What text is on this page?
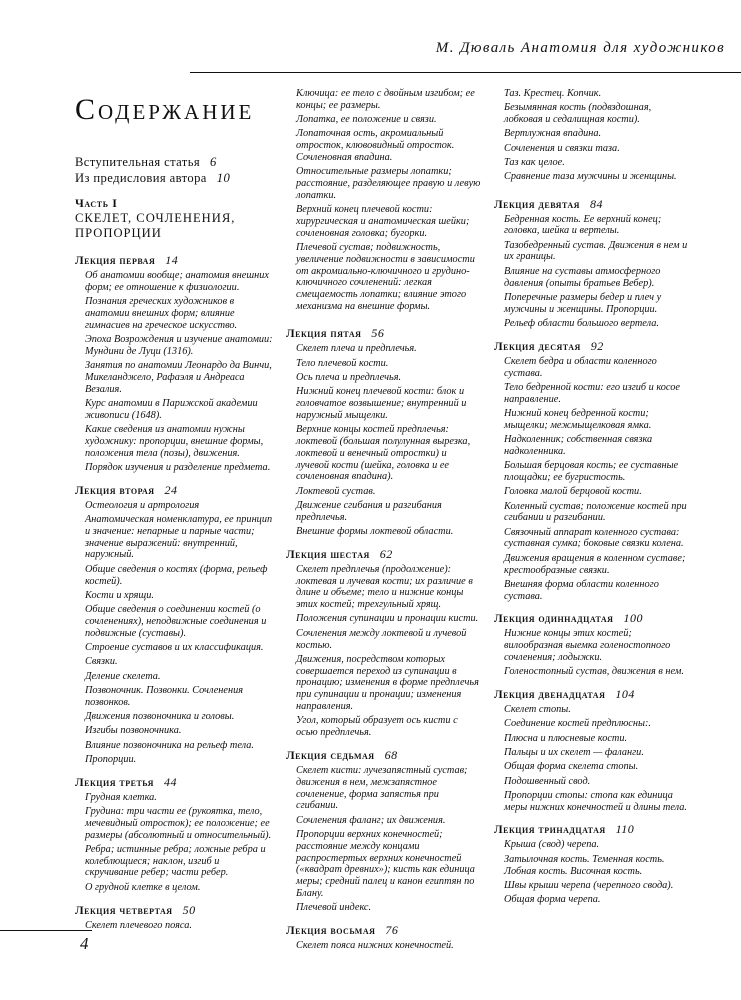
М. Дюваль Анатомия для художников
Содержание
Вступительная статья 6
Из предисловия автора 10
Часть I
СКЕЛЕТ, СОЧЛЕНЕНИЯ, ПРОПОРЦИИ
Лекция первая 14
Об анатомии вообще; анатомия внешних форм; ее отношение к физиологии.
Познания греческих художников в анатомии внешних форм; влияние гимнасиев на греческое искусство.
Эпоха Возрождения и изучение анатомии: Мундини де Луци (1316).
Занятия по анатомии Леонардо да Винчи, Микеланджело, Рафаэля и Андреаса Везалия.
Курс анатомии в Парижской академии живописи (1648).
Какие сведения из анатомии нужны художнику: пропорции, внешние формы, положения тела (позы), движения.
Порядок изучения и разделение предмета.
Лекция вторая 24
Остеология и артрология
Анатомическая номенклатура, ее принцип и значение: непарные и парные части; значение выражений: внутренний, наружный.
Общие сведения о костях (форма, рельеф костей).
Кости и хрящи.
Общие сведения о соединении костей (о сочленениях), неподвижные соединения и подвижные (суставы).
Строение суставов и их классификация.
Связки.
Деление скелета.
Позвоночник. Позвонки. Сочленения позвонков.
Движения позвоночника и головы.
Изгибы позвоночника.
Влияние позвоночника на рельеф тела.
Пропорции.
Лекция третья 44
Грудная клетка.
Грудина: три части ее (рукоятка, тело, мечевидный отросток); ее положение; ее размеры (абсолютный и относительный).
Ребра; истинные ребра; ложные ребра и колеблющиеся; наклон, изгиб и скручивание ребер; части ребер.
О грудной клетке в целом.
Лекция четвертая 50
Скелет плечевого пояса.
Ключица: ее тело с двойным изгибом; ее концы; ее размеры.
Лопатка, ее положение и связи.
Лопаточная ость, акромиальный отросток, клювовидный отросток. Сочленовная впадина.
Относительные размеры лопатки; расстояние, разделяющее правую и левую лопатки.
Верхний конец плечевой кости: хирургическая и анатомическая шейки; сочленовная головка; бугорки.
Плечевой сустав; подвижность, увеличение подвижности в зависимости от акромиально-ключичного и грудино-ключичного сочленений: легкая смещаемость лопатки; влияние этого механизма на внешние формы.
Лекция пятая 56
Скелет плеча и предплечья.
Тело плечевой кости.
Ось плеча и предплечья.
Нижний конец плечевой кости: блок и головчатое возвышение; внутренний и наружный мыщелки.
Верхние концы костей предплечья: локтевой (большая полулунная вырезка, локтевой и венечный отростки) и лучевой кости (шейка, головка и ее сочленовная впадина).
Локтевой сустав.
Движение сгибания и разгибания предплечья.
Внешние формы локтевой области.
Лекция шестая 62
Скелет предплечья (продолжение): локтевая и лучевая кости; их различие в длине и объеме; тело и нижние концы этих костей; трехгульный хрящ.
Положения супинации и пронации кисти.
Сочленения между локтевой и лучевой костью.
Движения, посредством которых совершается переход из супинации в пронацию; изменения в форме предплечья при супинации и пронации; изменения направления.
Угол, который образует ось кисти с осью предплечья.
Лекция седьмая 68
Скелет кисти: лучезапястный сустав; движения в нем, межзапястное сочленение, форма запястья при сгибании.
Сочленения фаланг; их движения.
Пропорции верхних конечностей; расстояние между концами распростертых верхних конечностей («квадрат древних»); кисть как единица меры; средний палец и канон египтян по Блану.
Плечевой индекс.
Лекция восьмая 76
Скелет пояса нижних конечностей.
Таз. Крестец. Копчик.
Безымянная кость (подвздошная, лобковая и седалищная кости).
Вертлужная впадина.
Сочленения и связки таза.
Таз как целое.
Сравнение таза мужчины и женщины.
Лекция девятая 84
Бедренная кость. Ее верхний конец; головка, шейка и вертелы.
Тазобедренный сустав. Движения в нем и их границы.
Влияние на суставы атмосферного давления (опыты братьев Вебер).
Поперечные размеры бедер и плеч у мужчины и женщины. Пропорции.
Рельеф области большого вертела.
Лекция десятая 92
Скелет бедра и области коленного сустава.
Тело бедренной кости: его изгиб и косое направление.
Нижний конец бедренной кости; мыщелки; межмыщелковая ямка.
Надколенник; собственная связка надколенника.
Большая берцовая кость; ее суставные площадки; ее бугристость.
Головка малой берцовой кости.
Коленный сустав; положение костей при сгибании и разгибании.
Связочный аппарат коленного сустава: суставная сумка; боковые связки колена.
Движения вращения в коленном суставе; крестообразные связки.
Внешняя форма области коленного сустава.
Лекция одиннадцатая 100
Нижние концы этих костей; вилообразная выемка голеностопного сочленения; лодыжки.
Голеностопный сустав, движения в нем.
Лекция двенадцатая 104
Скелет стопы.
Соединение костей предплюсны:.
Плюсна и плюсневые кости.
Пальцы и их скелет — фаланги.
Общая форма скелета стопы.
Подошвенный свод.
Пропорции стопы: стопа как единица меры нижних конечностей и длины тела.
Лекция тринадцатая 110
Крыша (свод) черепа.
Затылочная кость. Теменная кость. Лобная кость. Височная кость.
Швы крыши черепа (черепного свода).
Общая форма черепа.
4
